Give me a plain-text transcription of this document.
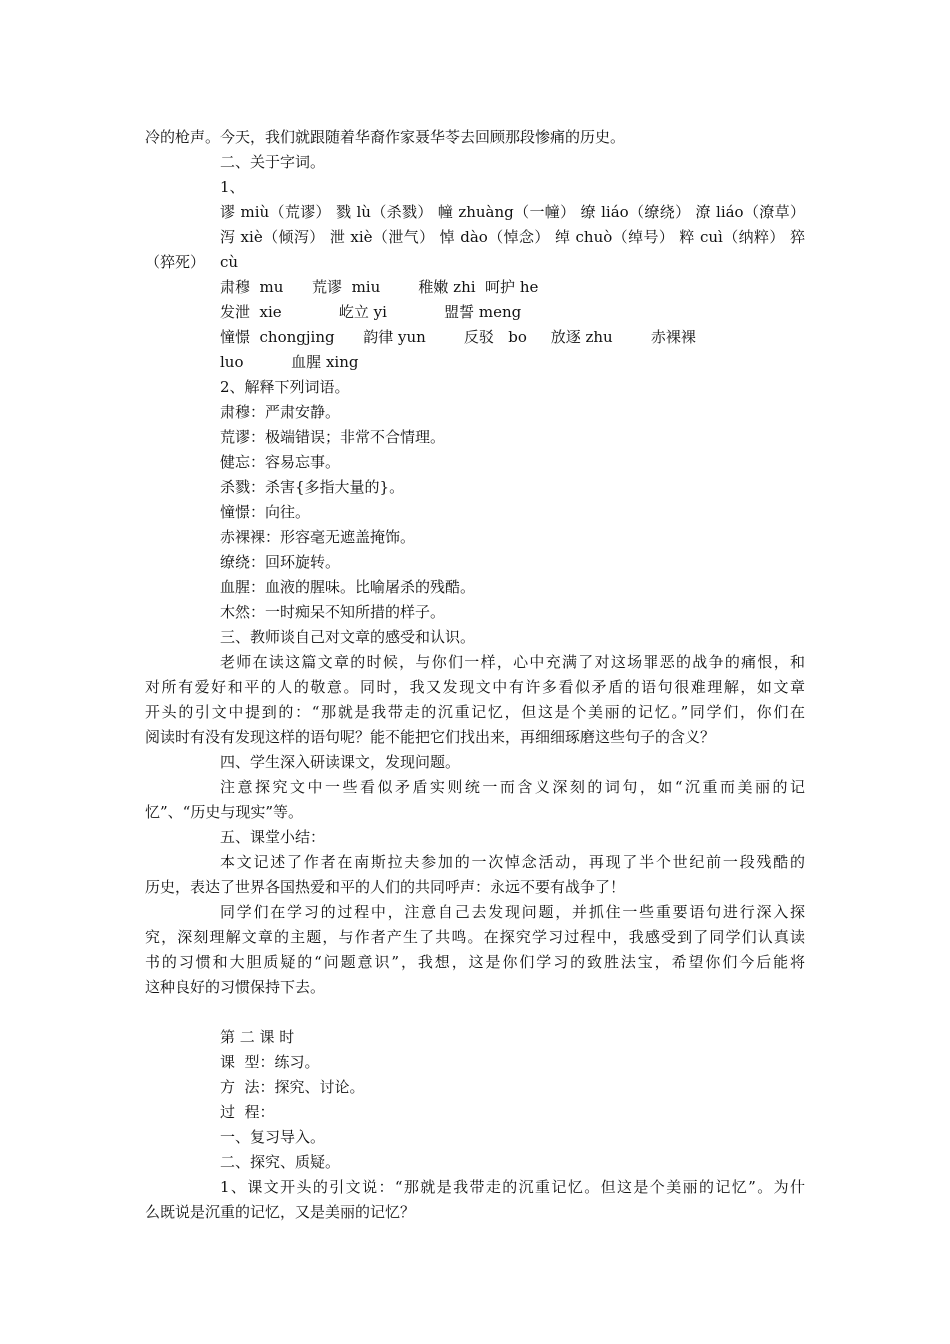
冷的枪声。今天，我们就跟随着华裔作家聂华苓去回顾那段惨痛的历史。
二、关于字词。
1、
谬 miù（荒谬） 戮 lù（杀戮） 幢 zhuàng（一幢） 缭 liáo（缭绕） 潦 liáo（潦草）
泻 xiè（倾泻） 泄 xiè（泄气） 悼 dào（悼念） 绰 chuò（绰号） 粹 cuì（纳粹） 猝 cù
（猝死）
肃穆  mu      荒谬  miu        稚嫩 zhi  呵护 he
发泄  xie            屹立 yi            盟誓 meng
憧憬  chongjing      韵律 yun        反驳   bo     放逐 zhu        赤裸裸
luo          血腥 xing
2、解释下列词语。
肃穆：严肃安静。
荒谬：极端错误；非常不合情理。
健忘：容易忘事。
杀戮：杀害{多指大量的}。
憧憬：向往。
赤裸裸：形容毫无遮盖掩饰。
缭绕：回环旋转。
血腥：血液的腥味。比喻屠杀的残酷。
木然：一时痴呆不知所措的样子。
三、教师谈自己对文章的感受和认识。
老师在读这篇文章的时候，与你们一样，心中充满了对这场罪恶的战争的痛恨，和
对所有爱好和平的人的敬意。同时，我又发现文中有许多看似矛盾的语句很难理解，如文章
开头的引文中提到的：“那就是我带走的沉重记忆，但这是个美丽的记忆。”同学们，你们在
阅读时有没有发现这样的语句呢？能不能把它们找出来，再细细琢磨这些句子的含义？
四、学生深入研读课文，发现问题。
注意探究文中一些看似矛盾实则统一而含义深刻的词句，如“沉重而美丽的记
忆”、“历史与现实”等。
五、课堂小结：
本文记述了作者在南斯拉夫参加的一次悼念活动，再现了半个世纪前一段残酷的
历史，表达了世界各国热爱和平的人们的共同呼声：永远不要有战争了！
同学们在学习的过程中，注意自己去发现问题，并抓住一些重要语句进行深入探
究，深刻理解文章的主题，与作者产生了共鸣。在探究学习过程中，我感受到了同学们认真读
书的习惯和大胆质疑的“问题意识”，我想，这是你们学习的致胜法宝，希望你们今后能将
这种良好的习惯保持下去。
第 二 课 时
课  型：练习。
方  法：探究、讨论。
过  程：
一、复习导入。
二、探究、质疑。
1、课文开头的引文说：“那就是我带走的沉重记忆。但这是个美丽的记忆”。为什
么既说是沉重的记忆，又是美丽的记忆？
